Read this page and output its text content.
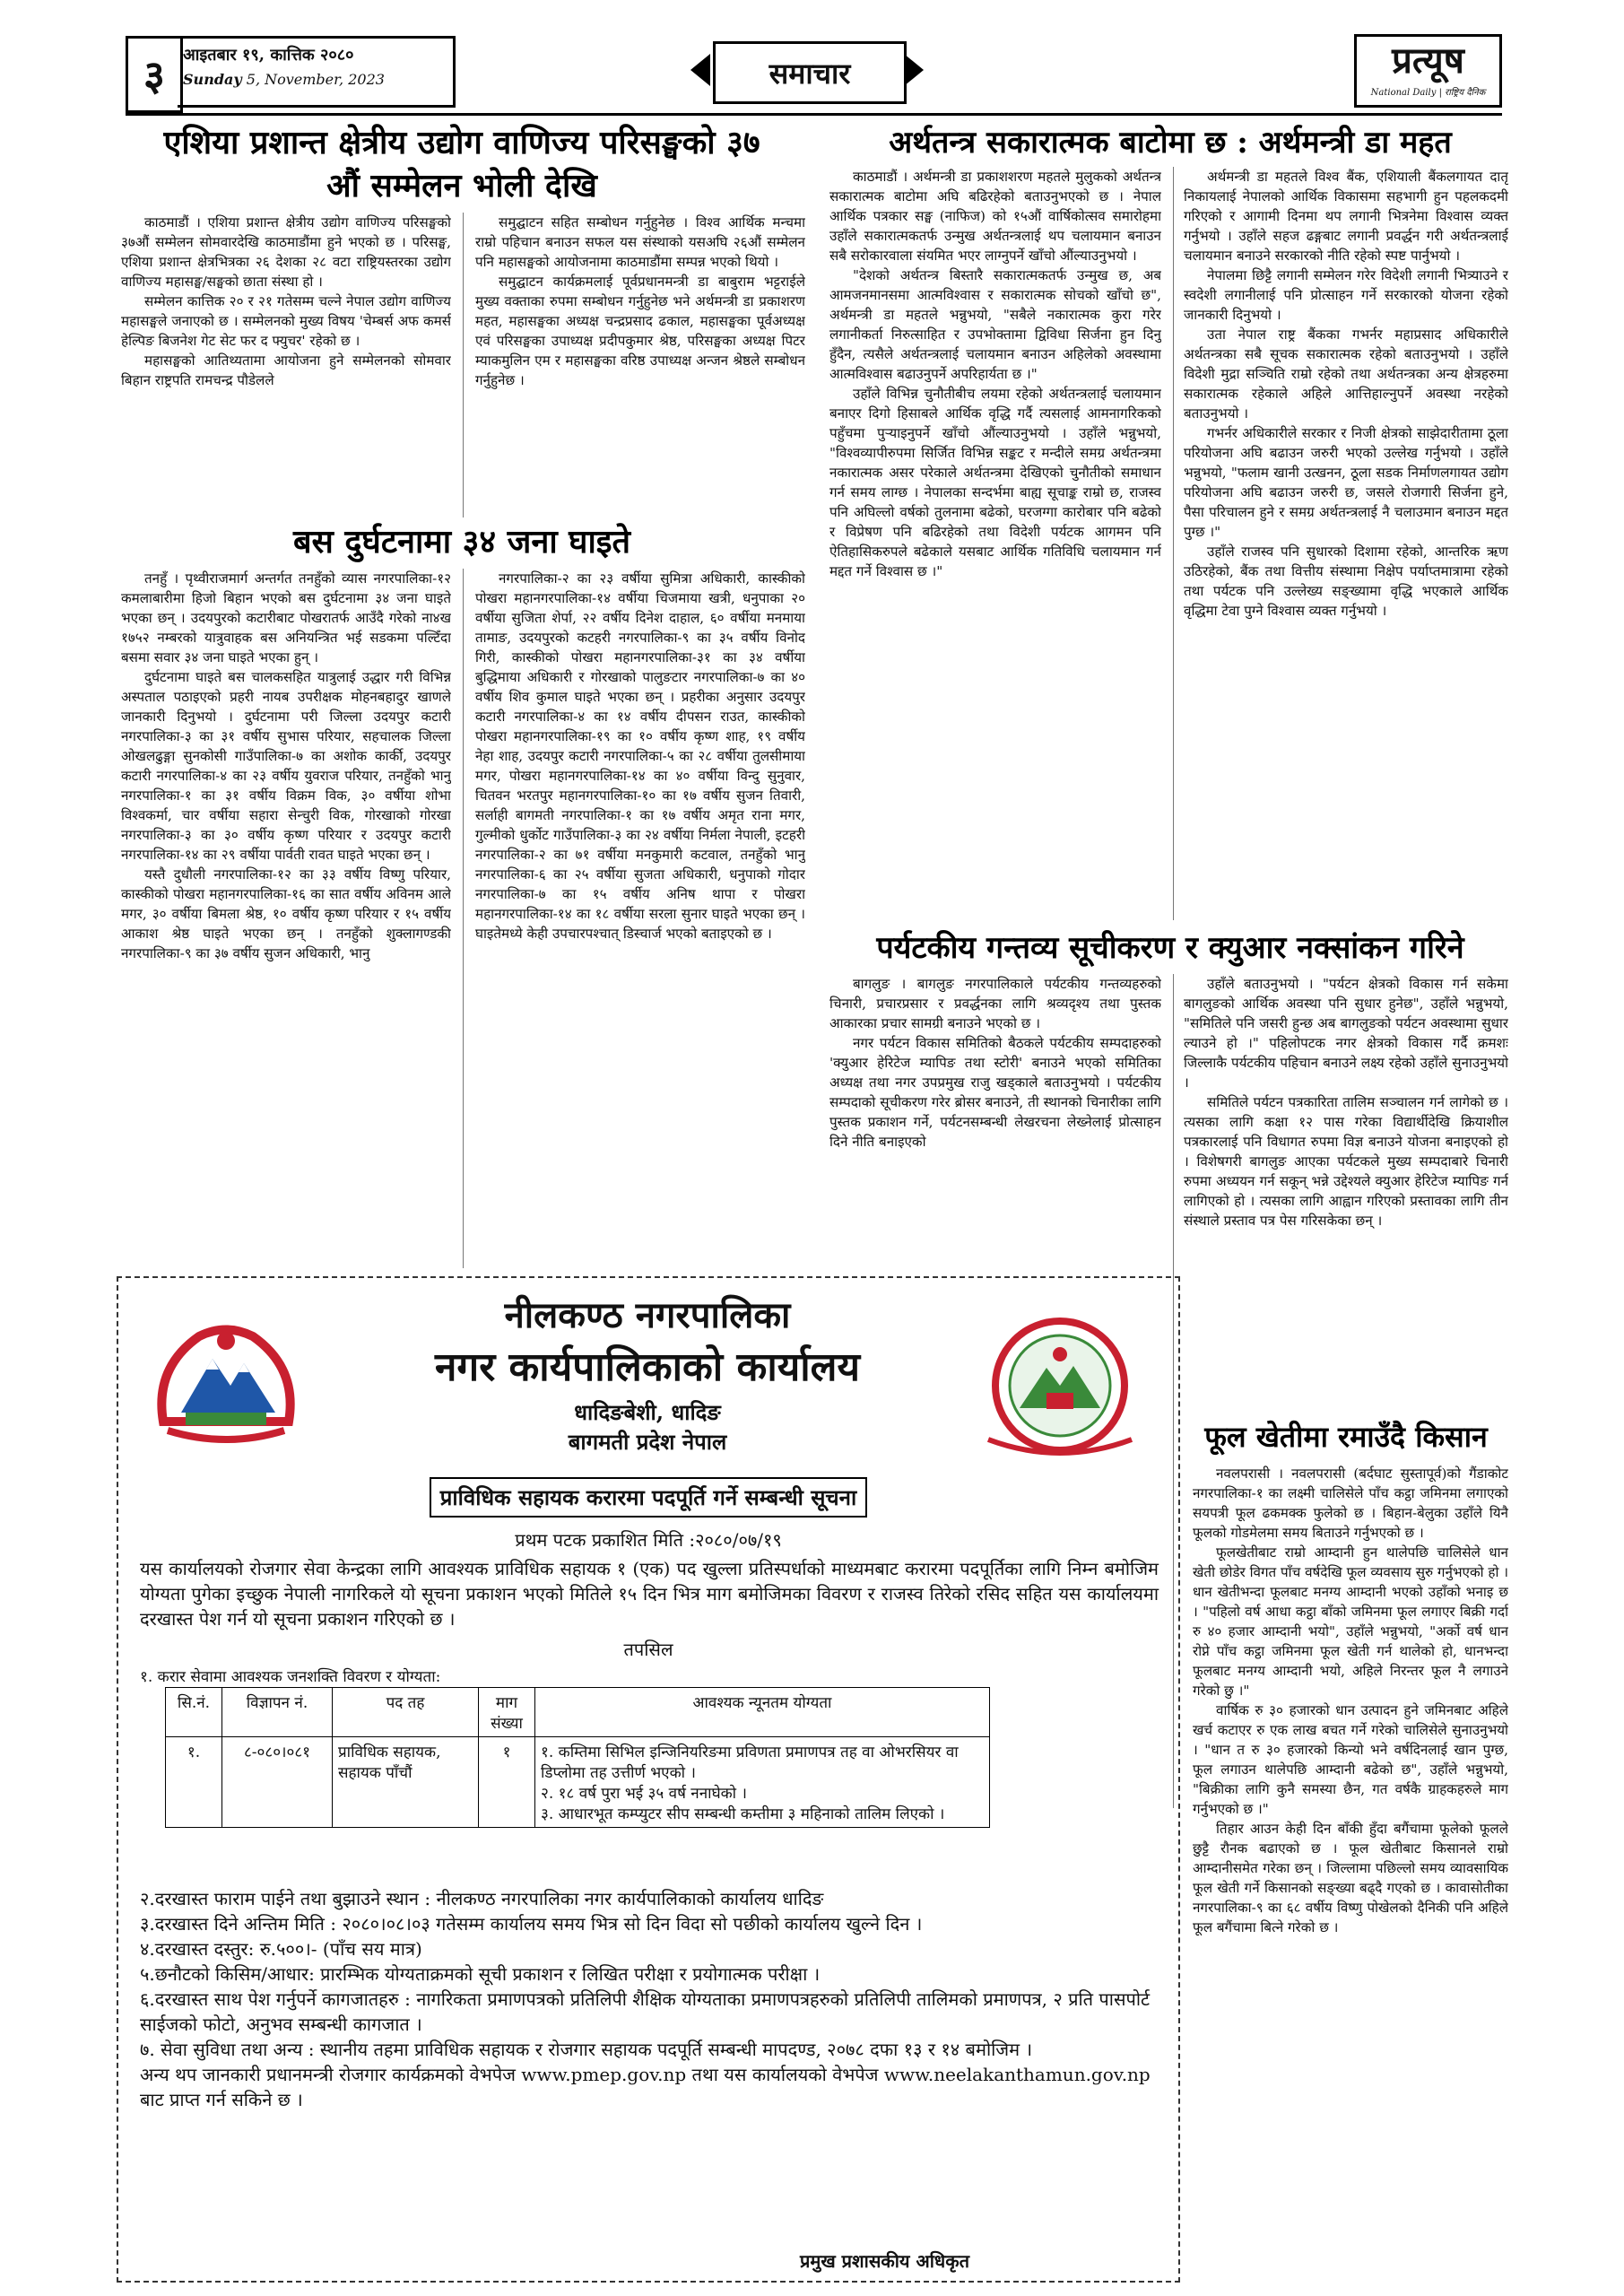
३	आइतबार १९, कात्तिक २०८०
Sunday 5, November, 2023	समाचार	प्रत्यूष
National Daily | राष्ट्रिय दैनिक
एशिया प्रशान्त क्षेत्रीय उद्योग वाणिज्य परिसङ्घको ३७
औं सम्मेलन भोली देखि

काठमाडौं । एशिया प्रशान्त क्षेत्रीय उद्योग वाणिज्य परिसङ्घको ३७औं सम्मेलन सोमवारदेखि काठमाडौंमा हुने भएको छ । परिसङ्घ, एशिया प्रशान्त क्षेत्रभित्रका २६ देशका २८ वटा राष्ट्रियस्तरका उद्योग वाणिज्य महासङ्घ/सङ्घको छाता संस्था हो ।

सम्मेलन कात्तिक २० र २१ गतेसम्म चल्ने नेपाल उद्योग वाणिज्य महासङ्घले जनाएको छ । सम्मेलनको मुख्य विषय 'चेम्बर्स अफ कमर्स हेल्पिङ बिजनेश गेट सेट फर द फ्युचर' रहेको छ ।

महासङ्घको आतिथ्यतामा आयोजना हुने सम्मेलनको सोमवार बिहान राष्ट्रपति रामचन्द्र पौडेलले

समुद्घाटन सहित सम्बोधन गर्नुहुनेछ । विश्व आर्थिक मन्चमा राम्रो पहिचान बनाउन सफल यस संस्थाको यसअघि २६औं सम्मेलन पनि महासङ्घको आयोजनामा काठमाडौंमा सम्पन्न भएको थियो ।

समुद्घाटन कार्यक्रमलाई पूर्वप्रधानमन्त्री डा बाबुराम भट्टराईले मुख्य वक्ताका रुपमा सम्बोधन गर्नुहुनेछ भने अर्थमन्त्री डा प्रकाशरण महत, महासङ्घका अध्यक्ष चन्द्रप्रसाद ढकाल, महासङ्घका पूर्वअध्यक्ष एवं परिसङ्घका उपाध्यक्ष प्रदीपकुमार श्रेष्ठ, परिसङ्घका अध्यक्ष पिटर म्याकमुलिन एम र महासङ्घका वरिष्ठ उपाध्यक्ष अन्जन श्रेष्ठले सम्बोधन गर्नुहुनेछ ।

बस दुर्घटनामा ३४ जना घाइते

तनहुँ । पृथ्वीराजमार्ग अन्तर्गत तनहुँको व्यास नगरपालिका-१२ कमलाबारीमा हिजो बिहान भएको बस दुर्घटनामा ३४ जना घाइते भएका छन् । उदयपुरको कटारीबाट पोखरातर्फ आउँदै गरेको ना४ख १७५२ नम्बरको यात्रुवाहक बस अनियन्त्रित भई सडकमा पल्टिँदा बसमा सवार ३४ जना घाइते भएका हुन् ।

दुर्घटनामा घाइते बस चालकसहित यात्रुलाई उद्धार गरी विभिन्न अस्पताल पठाइएको प्रहरी नायब उपरीक्षक मोहनबहादुर खाणले जानकारी दिनुभयो । दुर्घटनामा परी जिल्ला उदयपुर कटारी नगरपालिका-३ का ३१ वर्षीय सुभास परियार, सहचालक जिल्ला ओखलढुङ्गा सुनकोसी गाउँपालिका-७ का अशोक कार्की, उदयपुर कटारी नगरपालिका-४ का २३ वर्षीय युवराज परियार, तनहुँको भानु नगरपालिका-१ का ३१ वर्षीय विक्रम विक, ३० वर्षीया शोभा विश्वकर्मा, चार वर्षीया सहारा सेन्चुरी विक, गोरखाको गोरखा नगरपालिका-३ का ३० वर्षीय कृष्ण परियार र उदयपुर कटारी नगरपालिका-१४ का २९ वर्षीया पार्वती रावत घाइते भएका छन् ।

यस्तै दुधौली नगरपालिका-१२ का ३३ वर्षीय विष्णु परियार, कास्कीको पोखरा महानगरपालिका-१६ का सात वर्षीय अविनम आले मगर, ३० वर्षीया बिमला श्रेष्ठ, १० वर्षीय कृष्ण परियार र १५ वर्षीय आकाश श्रेष्ठ घाइते भएका छन् । तनहुँको शुक्लागण्डकी नगरपालिका-९ का ३७ वर्षीय सुजन अधिकारी, भानु

नगरपालिका-२ का २३ वर्षीया सुमित्रा अधिकारी, कास्कीको पोखरा महानगरपालिका-१४ वर्षीया चिजमाया खत्री, धनुपाका २० वर्षीया सुजिता शेर्पा, २२ वर्षीय दिनेश दाहाल, ६० वर्षीया मनमाया तामाङ, उदयपुरको कटहरी नगरपालिका-९ का ३५ वर्षीय विनोद गिरी, कास्कीको पोखरा महानगरपालिका-३१ का ३४ वर्षीया बुद्धिमाया अधिकारी र गोरखाको पालुङटार नगरपालिका-७ का ४० वर्षीय शिव कुमाल घाइते भएका छन् । प्रहरीका अनुसार उदयपुर कटारी नगरपालिका-४ का १४ वर्षीय दीपसन राउत, कास्कीको पोखरा महानगरपालिका-१९ का १० वर्षीय कृष्ण शाह, १९ वर्षीय नेहा शाह, उदयपुर कटारी नगरपालिका-५ का २८ वर्षीया तुलसीमाया मगर, पोखरा महानगरपालिका-१४ का ४० वर्षीया विन्दु सुनुवार, चितवन भरतपुर महानगरपालिका-१० का १७ वर्षीय सुजन तिवारी, सर्लाही बागमती नगरपालिका-१ का १७ वर्षीय अमृत राना मगर, गुल्मीको धुर्कोट गाउँपालिका-३ का २४ वर्षीया निर्मला नेपाली, इटहरी नगरपालिका-२ का ७१ वर्षीया मनकुमारी कटवाल, तनहुँको भानु नगरपालिका-६ का २५ वर्षीया सुजता अधिकारी, धनुपाको गोदार नगरपालिका-७ का १५ वर्षीय अनिष थापा र पोखरा महानगरपालिका-१४ का १८ वर्षीया सरला सुनार घाइते भएका छन् । घाइतेमध्ये केही उपचारपश्चात् डिस्चार्ज भएको बताइएको छ ।

अर्थतन्त्र सकारात्मक बाटोमा छ : अर्थमन्त्री डा महत

काठमाडौं । अर्थमन्त्री डा प्रकाशशरण महतले मुलुकको अर्थतन्त्र सकारात्मक बाटोमा अघि बढिरहेको बताउनुभएको छ । नेपाल आर्थिक पत्रकार सङ्घ (नाफिज) को १५औं वार्षिकोत्सव समारोहमा उहाँले सकारात्मकतर्फ उन्मुख अर्थतन्त्रलाई थप चलायमान बनाउन सबै सरोकारवाला संयमित भएर लाग्नुपर्ने खाँचो औंल्याउनुभयो ।

"देशको अर्थतन्त्र बिस्तारै सकारात्मकतर्फ उन्मुख छ, अब आमजनमानसमा आत्मविश्वास र सकारात्मक सोचको खाँचो छ", अर्थमन्त्री डा महतले भन्नुभयो, "सबैले नकारात्मक कुरा गरेर लगानीकर्ता निरुत्साहित र उपभोक्तामा द्विविधा सिर्जना हुन दिनु हुँदैन, त्यसैले अर्थतन्त्रलाई चलायमान बनाउन अहिलेको अवस्थामा आत्मविश्वास बढाउनुपर्ने अपरिहार्यता छ ।"

उहाँले विभिन्न चुनौतीबीच लयमा रहेको अर्थतन्त्रलाई चलायमान बनाएर दिगो हिसाबले आर्थिक वृद्धि गर्दै त्यसलाई आमनागरिकको पहुँचमा पुऱ्याइनुपर्ने खाँचो औंल्याउनुभयो । उहाँले भन्नुभयो, "विश्वव्यापीरुपमा सिर्जित विभिन्न सङ्कट र मन्दीले समग्र अर्थतन्त्रमा नकारात्मक असर परेकाले अर्थतन्त्रमा देखिएको चुनौतीको समाधान गर्न समय लाग्छ । नेपालका सन्दर्भमा बाह्य सूचाङ्क राम्रो छ, राजस्व पनि अघिल्लो वर्षको तुलनामा बढेको, घरजग्गा कारोबार पनि बढेको र विप्रेषण पनि बढिरहेको तथा विदेशी पर्यटक आगमन पनि ऐतिहासिकरुपले बढेकाले यसबाट आर्थिक गतिविधि चलायमान गर्न मद्दत गर्ने विश्वास छ ।"

अर्थमन्त्री डा महतले विश्व बैंक, एशियाली बैंकलगायत दातृ निकायलाई नेपालको आर्थिक विकासमा सहभागी हुन पहलकदमी गरिएको र आगामी दिनमा थप लगानी भित्रनेमा विश्वास व्यक्त गर्नुभयो । उहाँले सहज ढङ्गबाट लगानी प्रवर्द्धन गरी अर्थतन्त्रलाई चलायमान बनाउने सरकारको नीति रहेको स्पष्ट पार्नुभयो ।

नेपालमा छिट्टै लगानी सम्मेलन गरेर विदेशी लगानी भित्र्याउने र स्वदेशी लगानीलाई पनि प्रोत्साहन गर्ने सरकारको योजना रहेको जानकारी दिनुभयो ।

उता नेपाल राष्ट्र बैंकका गभर्नर महाप्रसाद अधिकारीले अर्थतन्त्रका सबै सूचक सकारात्मक रहेको बताउनुभयो । उहाँले विदेशी मुद्रा सञ्चिति राम्रो रहेको तथा अर्थतन्त्रका अन्य क्षेत्रहरुमा सकारात्मक रहेकाले अहिले आत्तिहाल्नुपर्ने अवस्था नरहेको बताउनुभयो ।

गभर्नर अधिकारीले सरकार र निजी क्षेत्रको साझेदारीतामा ठूला परियोजना अघि बढाउन जरुरी भएको उल्लेख गर्नुभयो । उहाँले भन्नुभयो, "फलाम खानी उत्खनन, ठूला सडक निर्माणलगायत उद्योग परियोजना अघि बढाउन जरुरी छ, जसले रोजगारी सिर्जना हुने, पैसा परिचालन हुने र समग्र अर्थतन्त्रलाई नै चलाउमान बनाउन मद्दत पुग्छ ।"

उहाँले राजस्व पनि सुधारको दिशामा रहेको, आन्तरिक ऋण उठिरहेको, बैंक तथा वित्तीय संस्थामा निक्षेप पर्याप्तमात्रामा रहेको तथा पर्यटक पनि उल्लेख्य सङ्ख्यामा वृद्धि भएकाले आर्थिक वृद्धिमा टेवा पुग्ने विश्वास व्यक्त गर्नुभयो ।

पर्यटकीय गन्तव्य सूचीकरण र क्युआर नक्सांकन गरिने

बागलुङ । बागलुङ नगरपालिकाले पर्यटकीय गन्तव्यहरुको चिनारी, प्रचारप्रसार र प्रवर्द्धनका लागि श्रव्यदृश्य तथा पुस्तक आकारका प्रचार सामग्री बनाउने भएको छ ।

नगर पर्यटन विकास समितिको बैठकले पर्यटकीय सम्पदाहरुको 'क्युआर हेरिटेज म्यापिङ तथा स्टोरी' बनाउने भएको समितिका अध्यक्ष तथा नगर उपप्रमुख राजु खड्काले बताउनुभयो । पर्यटकीय सम्पदाको सूचीकरण गरेर ब्रोसर बनाउने, ती स्थानको चिनारीका लागि पुस्तक प्रकाशन गर्ने, पर्यटनसम्बन्धी लेखरचना लेख्नेलाई प्रोत्साहन दिने नीति बनाइएको

उहाँले बताउनुभयो । "पर्यटन क्षेत्रको विकास गर्न सकेमा बागलुङको आर्थिक अवस्था पनि सुधार हुनेछ", उहाँले भन्नुभयो, "समितिले पनि जसरी हुन्छ अब बागलुङको पर्यटन अवस्थामा सुधार ल्याउने हो ।" पहिलोपटक नगर क्षेत्रको विकास गर्दै क्रमशः जिल्लाकै पर्यटकीय पहिचान बनाउने लक्ष्य रहेको उहाँले सुनाउनुभयो ।

समितिले पर्यटन पत्रकारिता तालिम सञ्चालन गर्न लागेको छ । त्यसका लागि कक्षा १२ पास गरेका विद्यार्थीदेखि क्रियाशील पत्रकारलाई पनि विधागत रुपमा विज्ञ बनाउने योजना बनाइएको हो । विशेषगरी बागलुङ आएका पर्यटकले मुख्य सम्पदाबारे चिनारी रुपमा अध्ययन गर्न सकून् भन्ने उद्देश्यले क्युआर हेरिटेज म्यापिङ गर्न लागिएको हो । त्यसका लागि आह्वान गरिएको प्रस्तावका लागि तीन संस्थाले प्रस्ताव पत्र पेस गरिसकेका छन् ।

फूल खेतीमा रमाउँदै किसान

नवलपरासी । नवलपरासी (बर्दघाट सुस्तापूर्व)को गैंडाकोट नगरपालिका-१ का लक्ष्मी चालिसेले पाँच कट्ठा जमिनमा लगाएको सयपत्री फूल ढकमक्क फुलेको छ । बिहान-बेलुका उहाँले यिनै फूलको गोडमेलमा समय बिताउने गर्नुभएको छ ।

फूलखेतीबाट राम्रो आम्दानी हुन थालेपछि चालिसेले धान खेती छोडेर विगत पाँच वर्षदेखि फूल व्यवसाय सुरु गर्नुभएको हो । धान खेतीभन्दा फूलबाट मनग्य आम्दानी भएको उहाँको भनाइ छ । "पहिलो वर्ष आधा कट्ठा बाँको जमिनमा फूल लगाएर बिक्री गर्दा रु ४० हजार आम्दानी भयो", उहाँले भन्नुभयो, "अर्को वर्ष धान रोप्ने पाँच कट्ठा जमिनमा फूल खेती गर्न थालेको हो, धानभन्दा फूलबाट मनग्य आम्दानी भयो, अहिले निरन्तर फूल नै लगाउने गरेको छु ।"

वार्षिक रु ३० हजारको धान उत्पादन हुने जमिनबाट अहिले खर्च कटाएर रु एक लाख बचत गर्ने गरेको चालिसेले सुनाउनुभयो । "धान त रु ३० हजारको किन्यो भने वर्षदिनलाई खान पुग्छ, फूल लगाउन थालेपछि आम्दानी बढेको छ", उहाँले भन्नुभयो, "बिक्रीका लागि कुनै समस्या छैन, गत वर्षकै ग्राहकहरुले माग गर्नुभएको छ ।"

तिहार आउन केही दिन बाँकी हुँदा बगैंचामा फूलेको फूलले छुट्टै रौनक बढाएको छ । फूल खेतीबाट किसानले राम्रो आम्दानीसमेत गरेका छन् । जिल्लामा पछिल्लो समय व्यावसायिक फूल खेती गर्ने किसानको सङ्ख्या बढ्दै गएको छ । कावासोतीका नगरपालिका-९ का ६८ वर्षीय विष्णु पोखेलको दैनिकी पनि अहिले फूल बगैंचामा बित्ने गरेको छ ।

नीलकण्ठ नगरपालिका
नगर कार्यपालिकाको कार्यालय
धादिङबेशी, धादिङ
बागमती प्रदेश नेपाल
प्राविधिक सहायक करारमा पदपूर्ति गर्ने सम्बन्धी सूचना
प्रथम पटक प्रकाशित मिति :२०८०/०७/१९
यस कार्यालयको रोजगार सेवा केन्द्रका लागि आवश्यक प्राविधिक सहायक १ (एक) पद खुल्ला प्रतिस्पर्धाको माध्यमबाट करारमा पदपूर्तिका लागि निम्न बमोजिम योग्यता पुगेका इच्छुक नेपाली नागरिकले यो सूचना प्रकाशन भएको मितिले १५ दिन भित्र माग बमोजिमका विवरण र राजस्व तिरेको रसिद सहित यस कार्यालयमा दरखास्त पेश गर्न यो सूचना प्रकाशन गरिएको छ ।
तपसिल
१. करार सेवामा आवश्यक जनशक्ति विवरण र योग्यता:
सि.नं.	विज्ञापन नं.	पद तह	माग संख्या	आवश्यक न्यूनतम योग्यता
१.	८-०८०।०८१	प्राविधिक सहायक, सहायक पाँचौं	१	१. कम्तिमा सिभिल इन्जिनियरिङमा प्रविणता प्रमाणपत्र तह वा ओभरसियर वा डिप्लोमा तह उत्तीर्ण भएको ।
२. १८ वर्ष पुरा भई ३५ वर्ष ननाघेको ।
३. आधारभूत कम्प्युटर सीप सम्बन्धी कम्तीमा ३ महिनाको तालिम लिएको ।
२.दरखास्त फाराम पाईने तथा बुझाउने स्थान : नीलकण्ठ नगरपालिका नगर कार्यपालिकाको कार्यालय धादिङ
३.दरखास्त दिने अन्तिम मिति : २०८०।०८।०३ गतेसम्म कार्यालय समय भित्र सो दिन विदा सो पछीको कार्यालय खुल्ने दिन ।
४.दरखास्त दस्तुर: रु.५००।- (पाँच सय मात्र)
५.छनौटको किसिम/आधार: प्रारम्भिक योग्यताक्रमको सूची प्रकाशन र लिखित परीक्षा र प्रयोगात्मक परीक्षा ।
६.दरखास्त साथ पेश गर्नुपर्ने कागजातहरु : नागरिकता प्रमाणपत्रको प्रतिलिपी शैक्षिक योग्यताका प्रमाणपत्रहरुको प्रतिलिपी तालिमको प्रमाणपत्र, २ प्रति पासपोर्ट साईजको फोटो, अनुभव सम्बन्धी कागजात ।
७. सेवा सुविधा तथा अन्य : स्थानीय तहमा प्राविधिक सहायक र रोजगार सहायक पदपूर्ति सम्बन्धी मापदण्ड, २०७८ दफा १३ र १४ बमोजिम ।
अन्य थप जानकारी प्रधानमन्त्री रोजगार कार्यक्रमको वेभपेज www.pmep.gov.np तथा यस कार्यालयको वेभपेज www.neelakanthamun.gov.np बाट प्राप्त गर्न सकिने छ ।
प्रमुख प्रशासकीय अधिकृत
